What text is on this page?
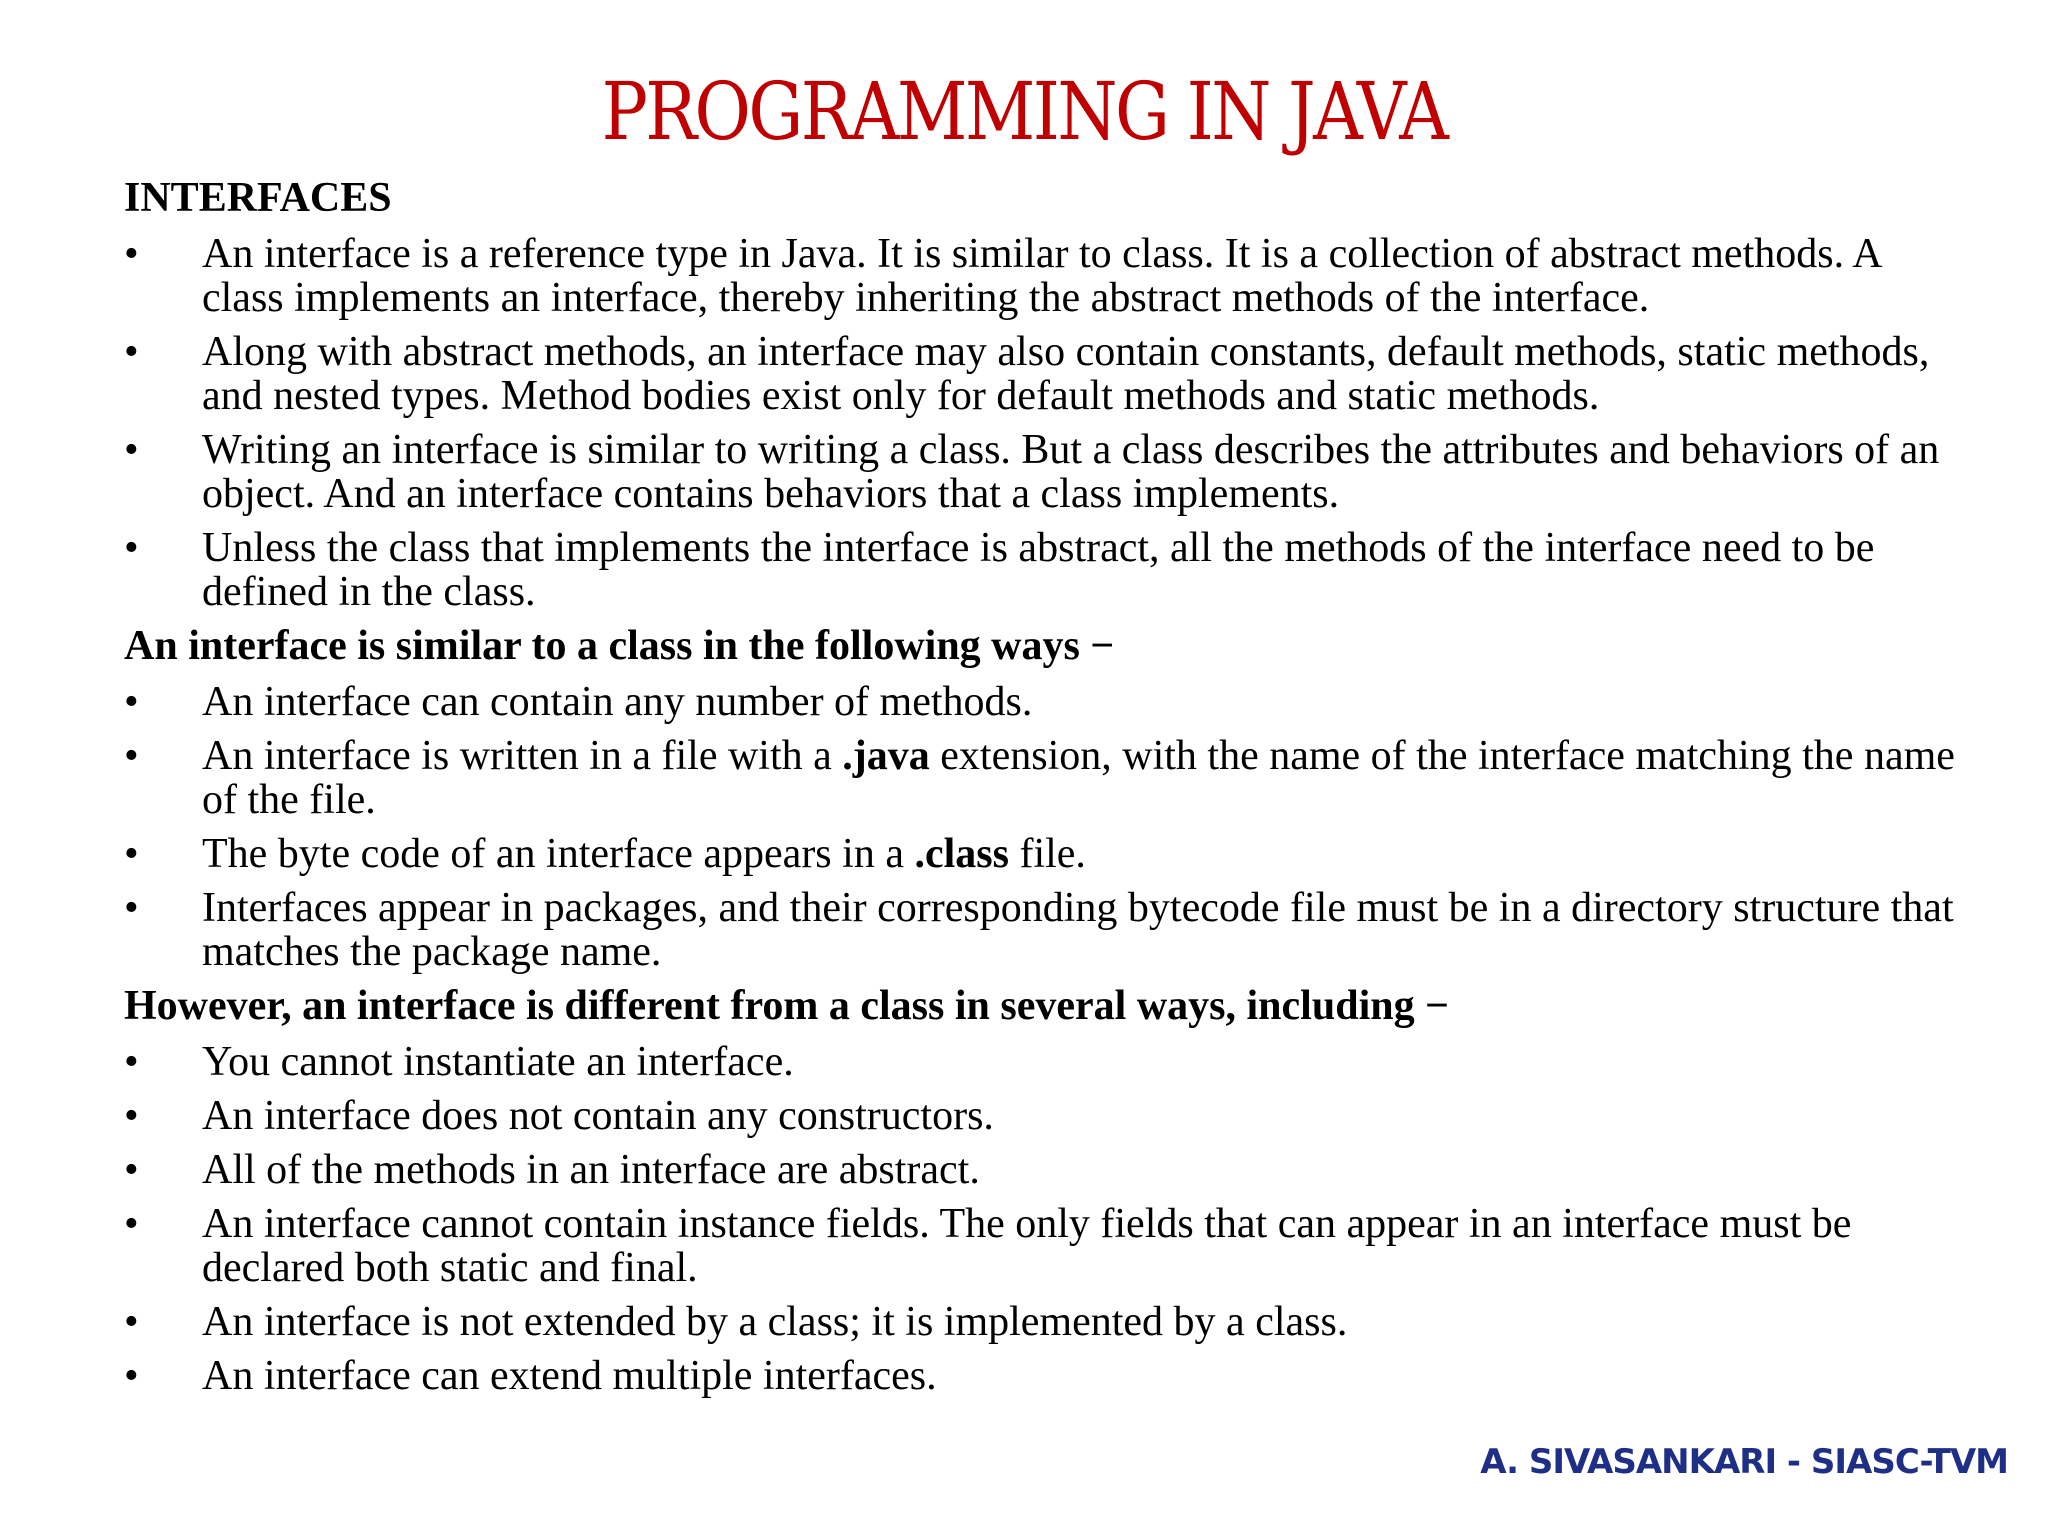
PROGRAMMING IN JAVA
INTERFACES
•	An interface is a reference type in Java. It is similar to class. It is a collection of abstract methods. A class implements an interface, thereby inheriting the abstract methods of the interface.
•	Along with abstract methods, an interface may also contain constants, default methods, static methods, and nested types. Method bodies exist only for default methods and static methods.
•	Writing an interface is similar to writing a class. But a class describes the attributes and behaviors of an object. And an interface contains behaviors that a class implements.
•	Unless the class that implements the interface is abstract, all the methods of the interface need to be defined in the class.
An interface is similar to a class in the following ways −
•	An interface can contain any number of methods.
•	An interface is written in a file with a .java extension, with the name of the interface matching the name of the file.
•	The byte code of an interface appears in a .class file.
•	Interfaces appear in packages, and their corresponding bytecode file must be in a directory structure that matches the package name.
However, an interface is different from a class in several ways, including −
•	You cannot instantiate an interface.
•	An interface does not contain any constructors.
•	All of the methods in an interface are abstract.
•	An interface cannot contain instance fields. The only fields that can appear in an interface must be declared both static and final.
•	An interface is not extended by a class; it is implemented by a class.
•	An interface can extend multiple interfaces.
A. SIVASANKARI - SIASC-TVM
